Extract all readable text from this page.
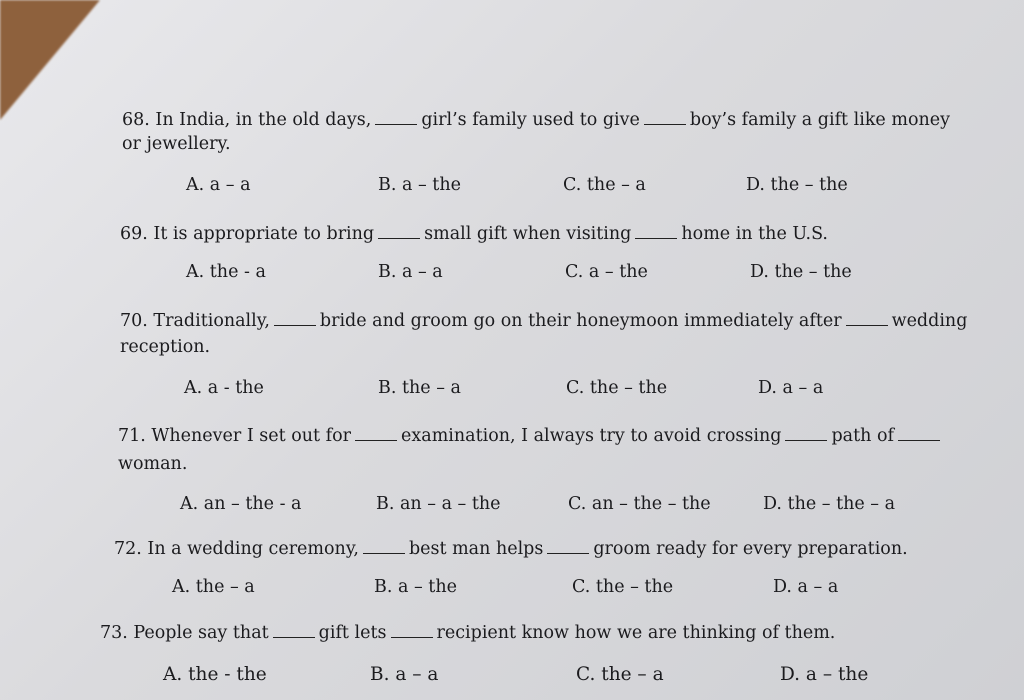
68. In India, in the old days,	girl’s family used to give	boy’s family a gift like money
or jewellery.
A. a – a	B. a – the	C. the – a	D. the – the
69. It is appropriate to bring	small gift when visiting	home in the U.S.
A. the - a	B. a – a	C. a – the	D. the – the
70. Traditionally,	bride and groom go on their honeymoon immediately after	wedding
reception.
A. a - the	B. the – a	C. the – the	D. a – a
71. Whenever I set out for	examination, I always try to avoid crossing	path of
woman.
A. an – the - a	B. an – a – the	C. an – the – the	D. the – the – a
72. In a wedding ceremony,	best man helps	groom ready for every preparation.
A. the – a	B. a – the	C. the – the	D. a – a
73. People say that	gift lets	recipient know how we are thinking of them.
A. the - the	B. a – a	C. the – a	D. a – the
